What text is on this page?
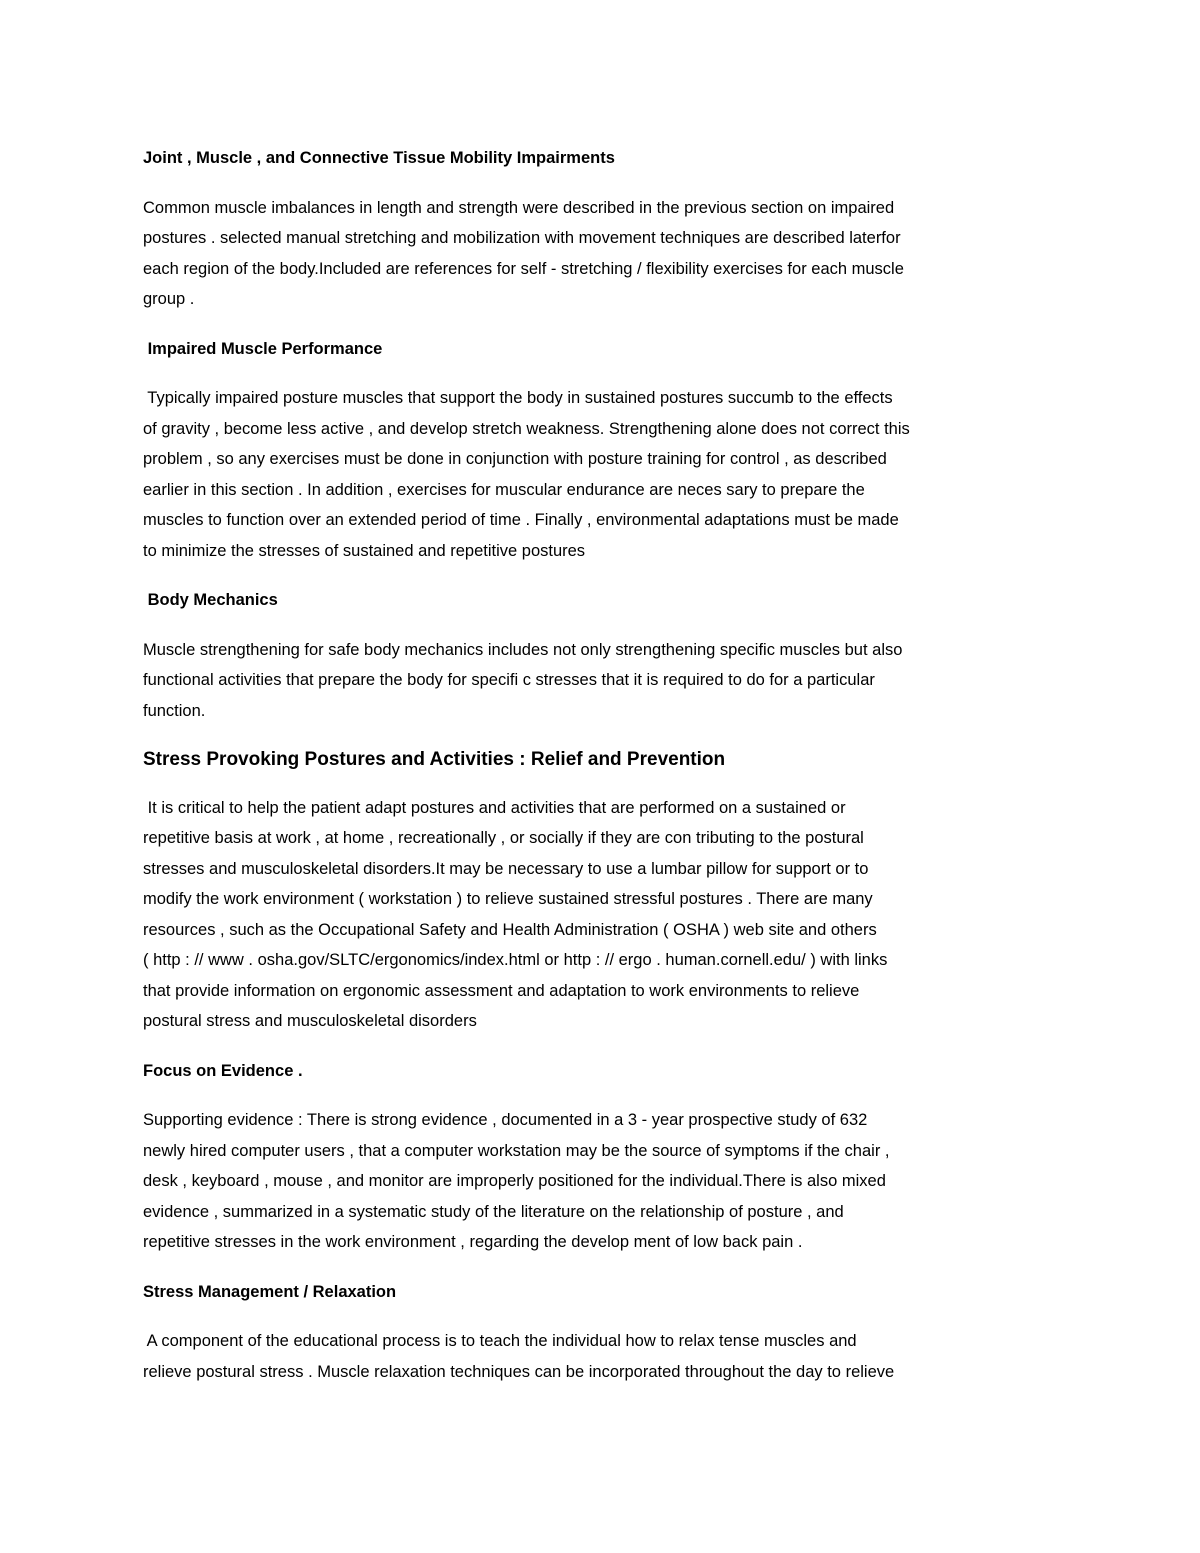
Joint , Muscle , and Connective Tissue Mobility Impairments
Common muscle imbalances in length and strength were described in the previous section on impaired
postures . selected manual stretching and mobilization with movement techniques are described laterfor
each region of the body.Included are references for self - stretching / flexibility exercises for each muscle
group .
Impaired Muscle Performance
Typically impaired posture muscles that support the body in sustained postures succumb to the effects
of gravity , become less active , and develop stretch weakness. Strengthening alone does not correct this
problem , so any exercises must be done in conjunction with posture training for control , as described
earlier in this section . In addition , exercises for muscular endurance are neces sary to prepare the
muscles to function over an extended period of time . Finally , environmental adaptations must be made
to minimize the stresses of sustained and repetitive postures
Body Mechanics
Muscle strengthening for safe body mechanics includes not only strengthening specific muscles but also
functional activities that prepare the body for specifi c stresses that it is required to do for a particular
function.
Stress Provoking Postures and Activities : Relief and Prevention
It is critical to help the patient adapt postures and activities that are performed on a sustained or
repetitive basis at work , at home , recreationally , or socially if they are con tributing to the postural
stresses and musculoskeletal disorders.It may be necessary to use a lumbar pillow for support or to
modify the work environment ( workstation ) to relieve sustained stressful postures . There are many
resources , such as the Occupational Safety and Health Administration ( OSHA ) web site and others
( http : // www . osha.gov/SLTC/ergonomics/index.html or http : // ergo . human.cornell.edu/ ) with links
that provide information on ergonomic assessment and adaptation to work environments to relieve
postural stress and musculoskeletal disorders
Focus on Evidence .
Supporting evidence : There is strong evidence , documented in a 3 - year prospective study of 632
newly hired computer users , that a computer workstation may be the source of symptoms if the chair ,
desk , keyboard , mouse , and monitor are improperly positioned for the individual.There is also mixed
evidence , summarized in a systematic study of the literature on the relationship of posture , and
repetitive stresses in the work environment , regarding the develop ment of low back pain .
Stress Management / Relaxation
A component of the educational process is to teach the individual how to relax tense muscles and
relieve postural stress . Muscle relaxation techniques can be incorporated throughout the day to relieve
